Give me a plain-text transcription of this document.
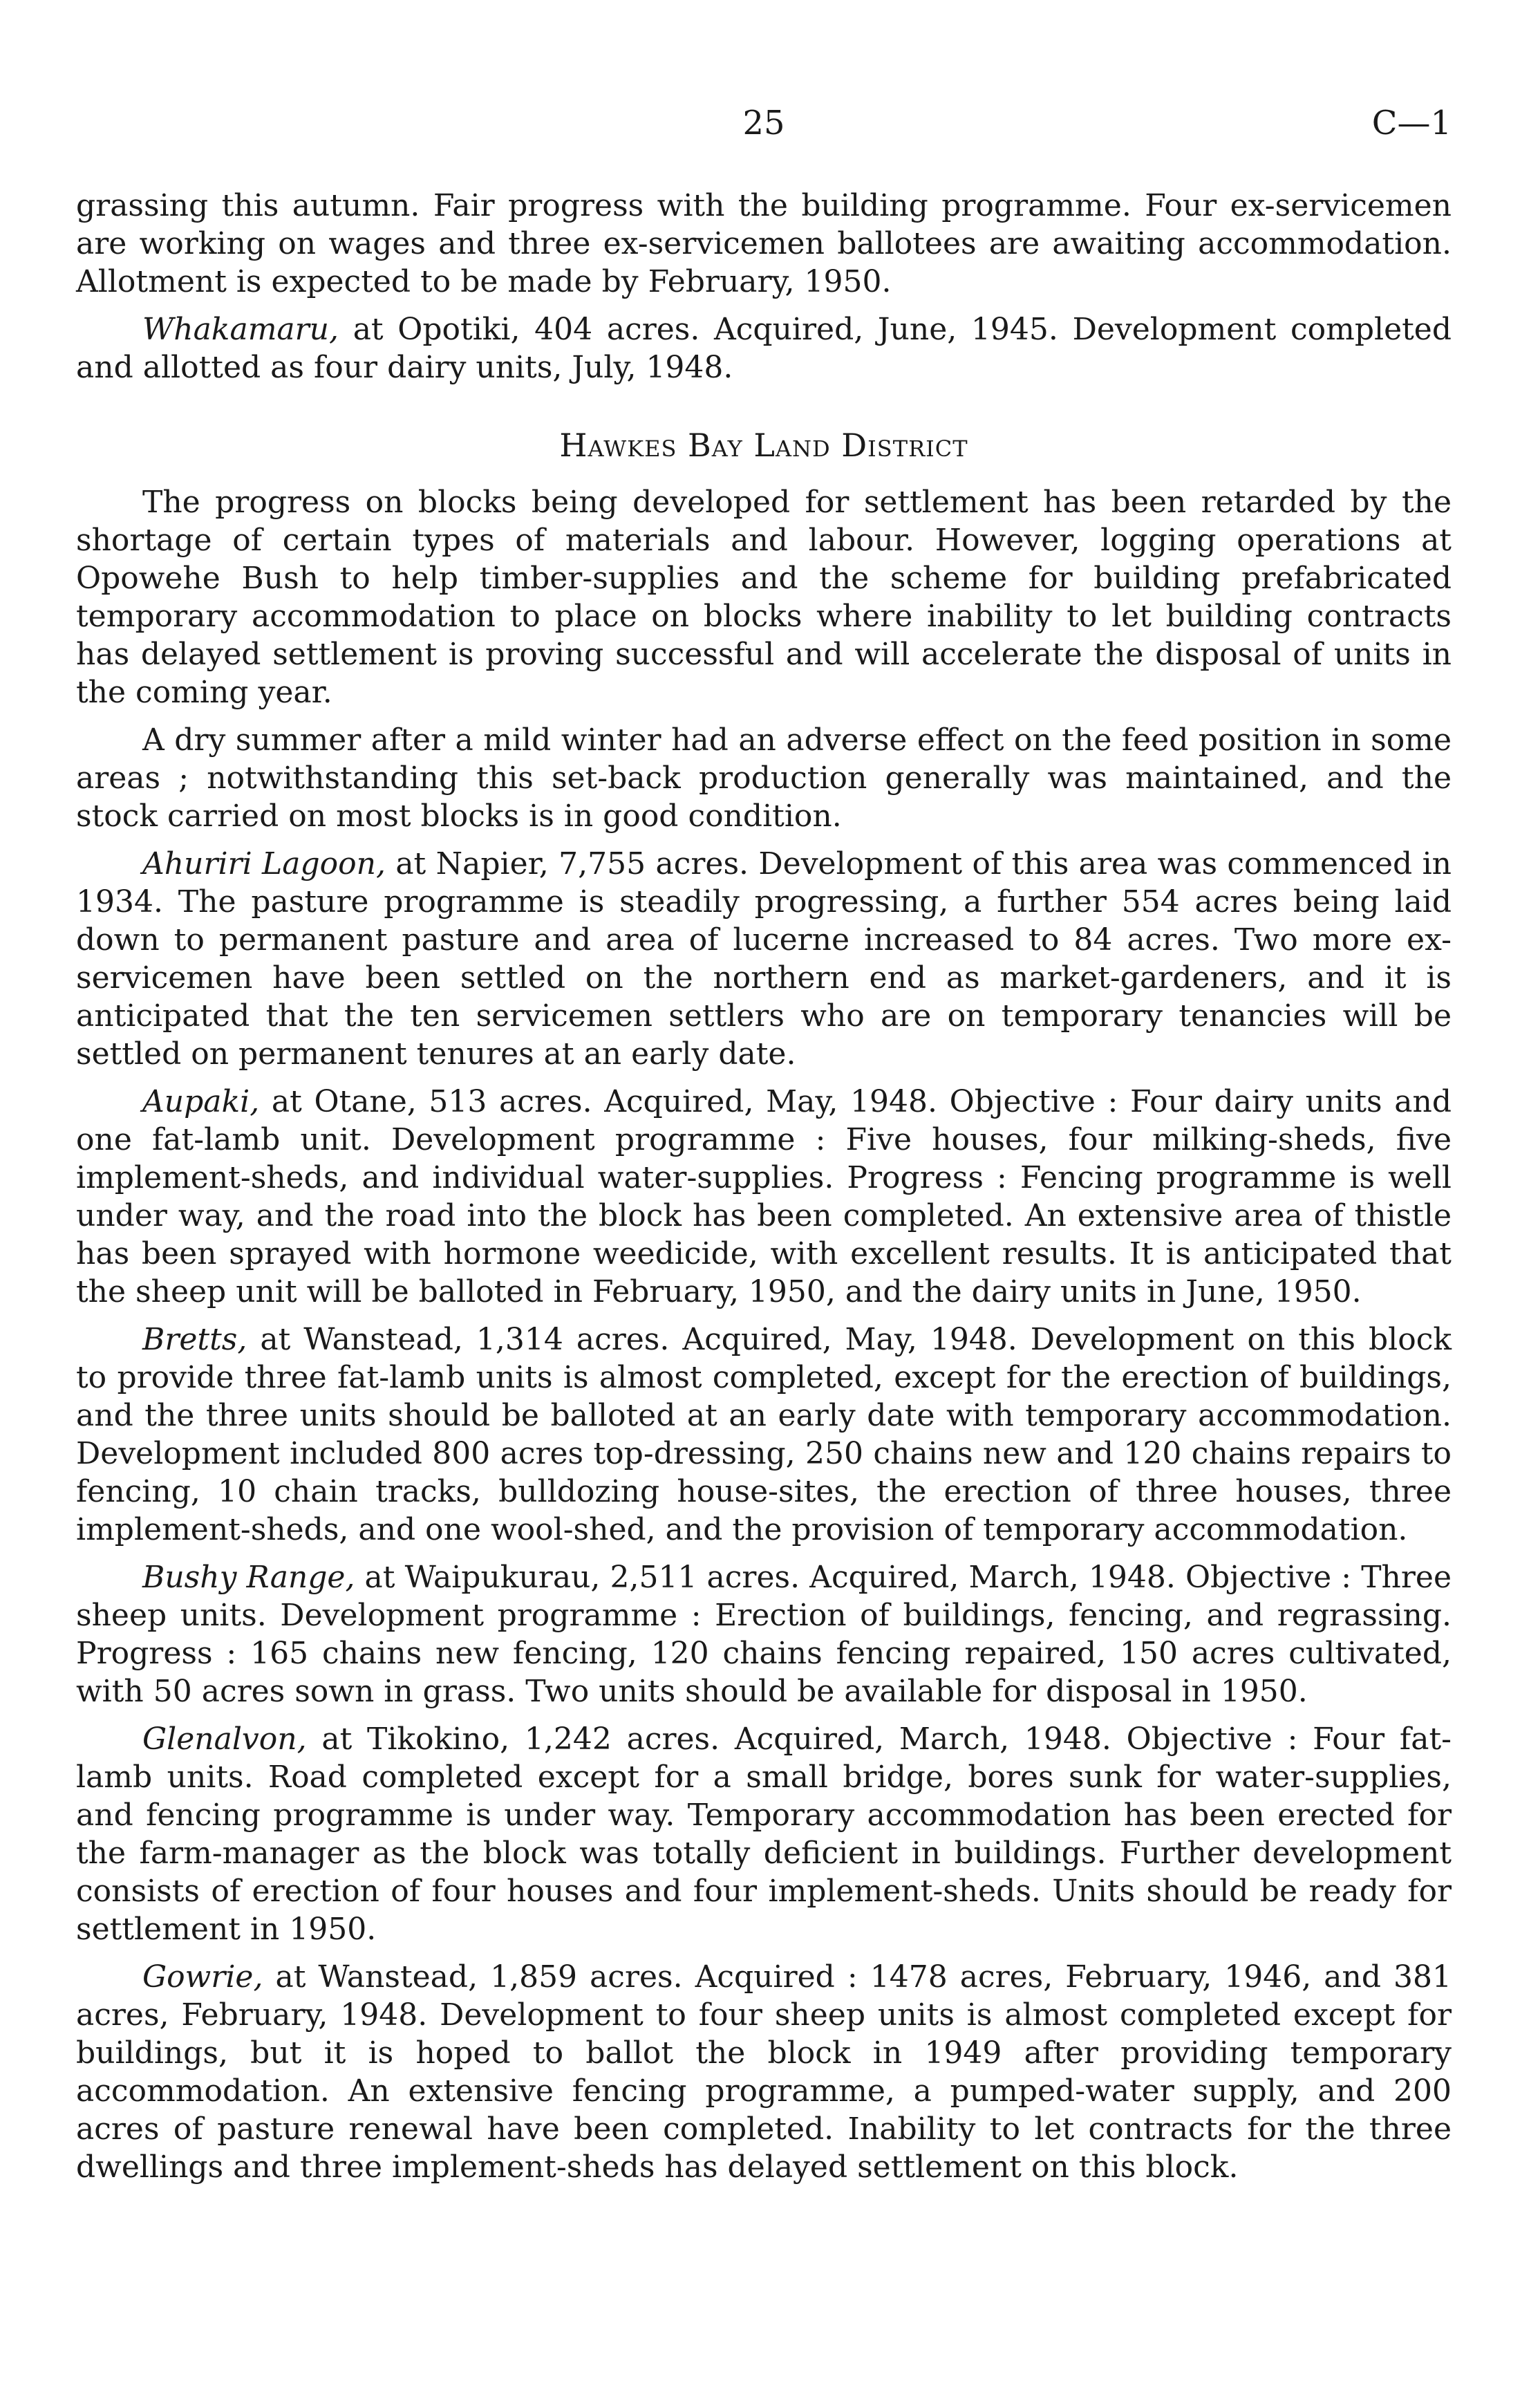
25	C—1

grassing this autumn. Fair progress with the building programme. Four ex-servicemen are working on wages and three ex-servicemen ballotees are awaiting accommodation. Allotment is expected to be made by February, 1950.

Whakamaru, at Opotiki, 404 acres. Acquired, June, 1945. Development completed and allotted as four dairy units, July, 1948.

Hawkes Bay Land District

The progress on blocks being developed for settlement has been retarded by the shortage of certain types of materials and labour. However, logging operations at Opowehe Bush to help timber-supplies and the scheme for building prefabricated temporary accommodation to place on blocks where inability to let building contracts has delayed settlement is proving successful and will accelerate the disposal of units in the coming year.

A dry summer after a mild winter had an adverse effect on the feed position in some areas ; notwithstanding this set-back production generally was maintained, and the stock carried on most blocks is in good condition.

Ahuriri Lagoon, at Napier, 7,755 acres. Development of this area was commenced in 1934. The pasture programme is steadily progressing, a further 554 acres being laid down to permanent pasture and area of lucerne increased to 84 acres. Two more ex-servicemen have been settled on the northern end as market-gardeners, and it is anticipated that the ten servicemen settlers who are on temporary tenancies will be settled on permanent tenures at an early date.

Aupaki, at Otane, 513 acres. Acquired, May, 1948. Objective : Four dairy units and one fat-lamb unit. Development programme : Five houses, four milking-sheds, five implement-sheds, and individual water-supplies. Progress : Fencing programme is well under way, and the road into the block has been completed. An extensive area of thistle has been sprayed with hormone weedicide, with excellent results. It is anticipated that the sheep unit will be balloted in February, 1950, and the dairy units in June, 1950.

Bretts, at Wanstead, 1,314 acres. Acquired, May, 1948. Development on this block to provide three fat-lamb units is almost completed, except for the erection of buildings, and the three units should be balloted at an early date with temporary accommodation. Development included 800 acres top-dressing, 250 chains new and 120 chains repairs to fencing, 10 chain tracks, bulldozing house-sites, the erection of three houses, three implement-sheds, and one wool-shed, and the provision of temporary accommodation.

Bushy Range, at Waipukurau, 2,511 acres. Acquired, March, 1948. Objective : Three sheep units. Development programme : Erection of buildings, fencing, and regrassing. Progress : 165 chains new fencing, 120 chains fencing repaired, 150 acres cultivated, with 50 acres sown in grass. Two units should be available for disposal in 1950.

Glenalvon, at Tikokino, 1,242 acres. Acquired, March, 1948. Objective : Four fat-lamb units. Road completed except for a small bridge, bores sunk for water-supplies, and fencing programme is under way. Temporary accommodation has been erected for the farm-manager as the block was totally deficient in buildings. Further development consists of erection of four houses and four implement-sheds. Units should be ready for settlement in 1950.

Gowrie, at Wanstead, 1,859 acres. Acquired : 1478 acres, February, 1946, and 381 acres, February, 1948. Development to four sheep units is almost completed except for buildings, but it is hoped to ballot the block in 1949 after providing temporary accommodation. An extensive fencing programme, a pumped-water supply, and 200 acres of pasture renewal have been completed. Inability to let contracts for the three dwellings and three implement-sheds has delayed settlement on this block.
